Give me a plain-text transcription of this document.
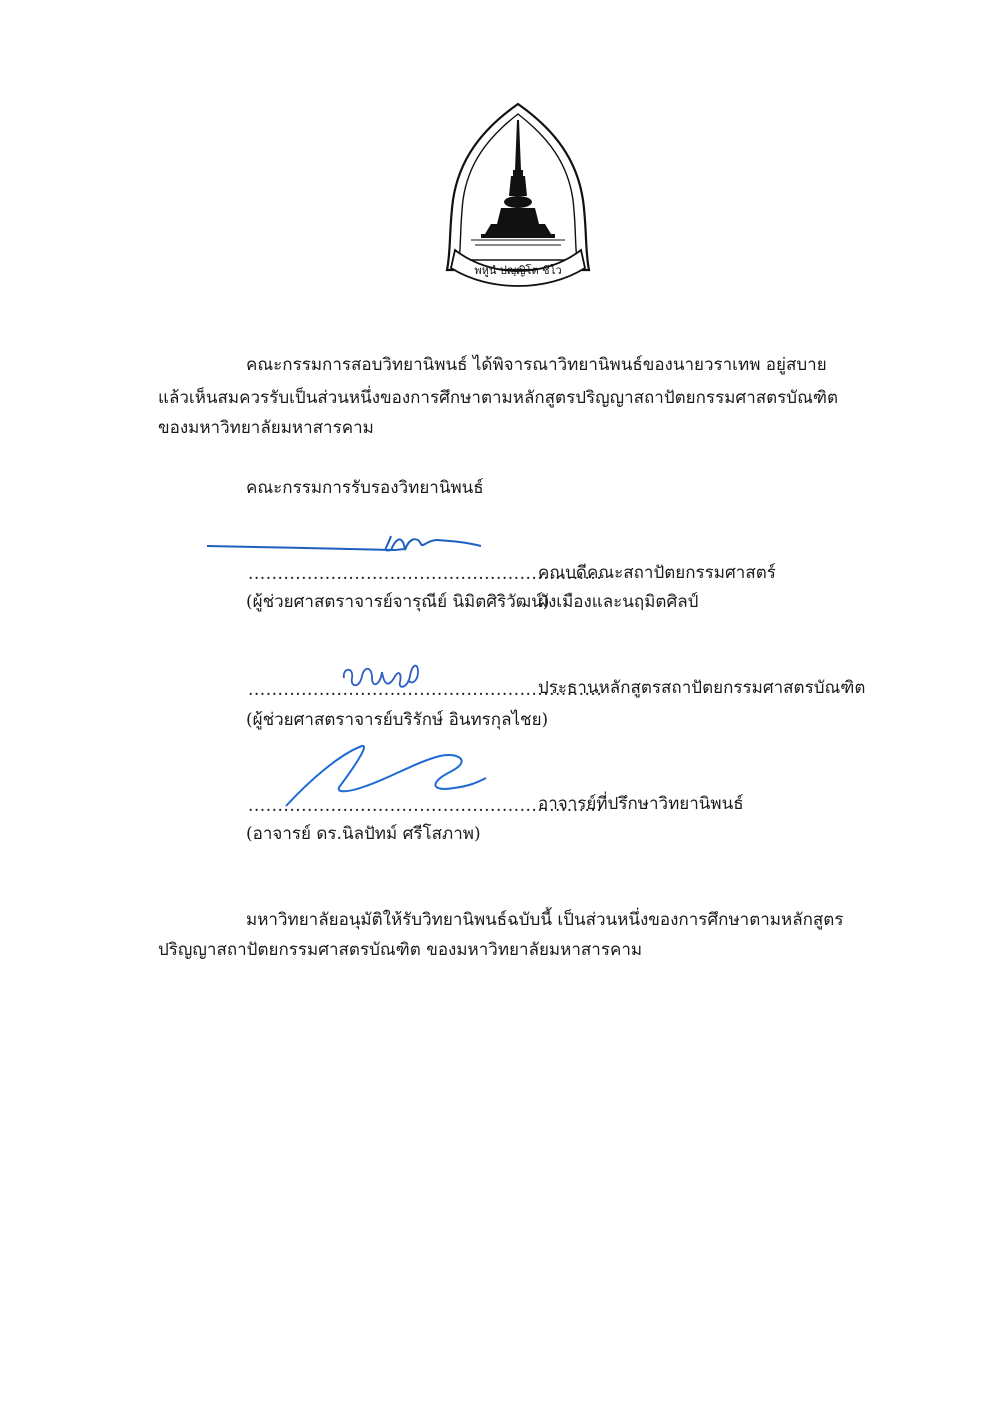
พหูนํ ปญฺญิโต ชีโว
คณะกรรมการสอบวิทยานิพนธ์ ได้พิจารณาวิทยานิพนธ์ของนายวราเทพ อยู่สบาย
แล้วเห็นสมควรรับเป็นส่วนหนึ่งของการศึกษาตามหลักสูตรปริญญาสถาปัตยกรรมศาสตรบัณฑิต
ของมหาวิทยาลัยมหาสารคาม
คณะกรรมการรับรองวิทยานิพนธ์
............................................................
(ผู้ช่วยศาสตราจารย์จารุณีย์ นิมิตศิริวัฒน์)
คณบดีคณะสถาปัตยกรรมศาสตร์
ผังเมืองและนฤมิตศิลป์
............................................................
(ผู้ช่วยศาสตราจารย์บริรักษ์ อินทรกุลไชย)
ประธานหลักสูตรสถาปัตยกรรมศาสตรบัณฑิต
............................................................
(อาจารย์ ดร.นิลปัทม์ ศรีโสภาพ)
อาจารย์ที่ปรึกษาวิทยานิพนธ์
มหาวิทยาลัยอนุมัติให้รับวิทยานิพนธ์ฉบับนี้ เป็นส่วนหนึ่งของการศึกษาตามหลักสูตร
ปริญญาสถาปัตยกรรมศาสตรบัณฑิต ของมหาวิทยาลัยมหาสารคาม
